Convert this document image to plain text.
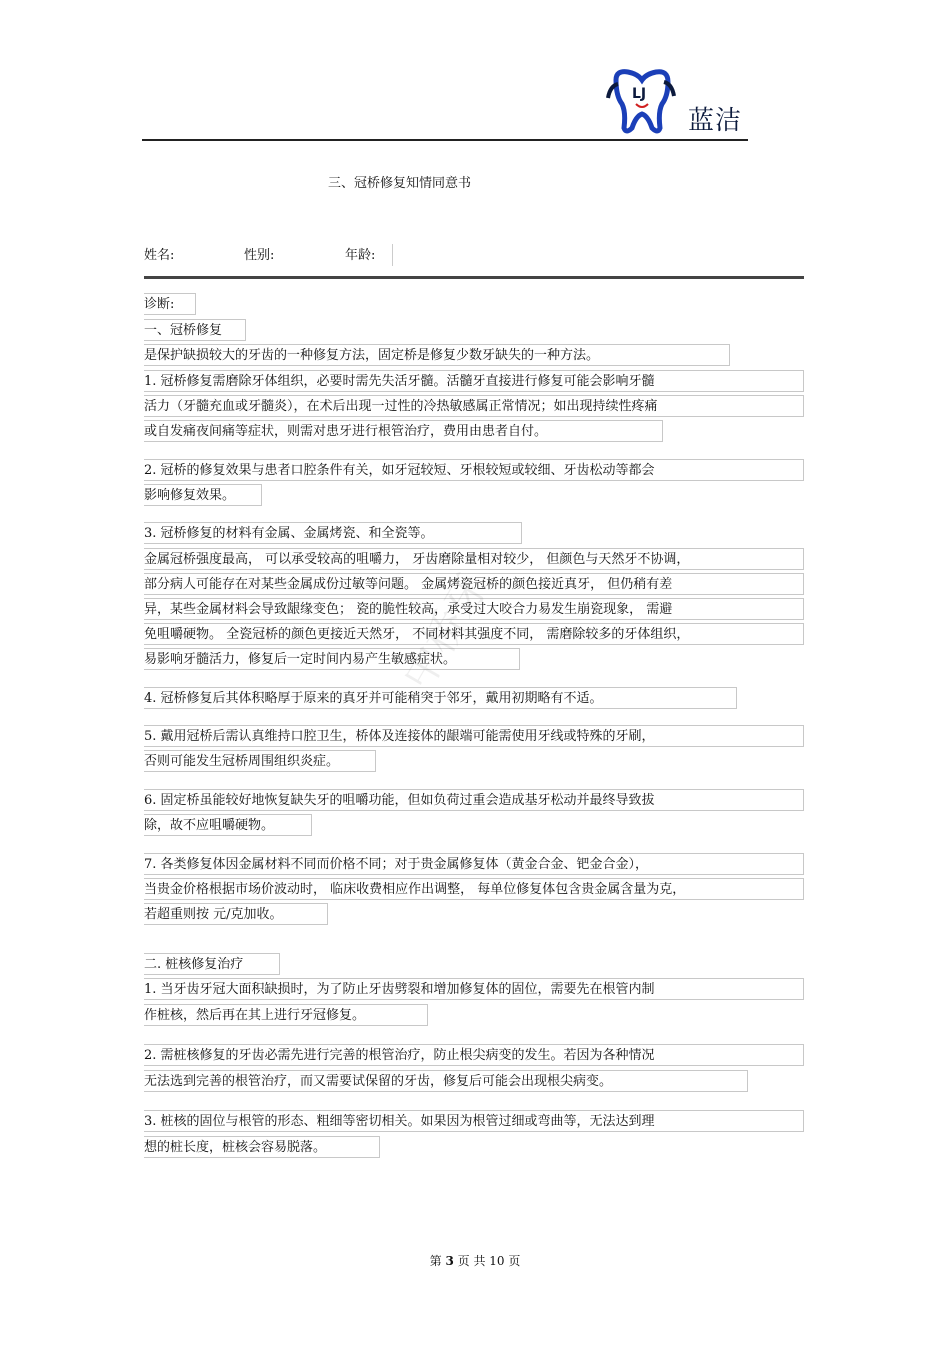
LJ
蓝洁
三、冠桥修复知情同意书
姓名:	性别:	年龄:
诊断:
一、冠桥修复
是保护缺损较大的牙齿的一种修复方法，固定桥是修复少数牙缺失的一种方法。
1. 冠桥修复需磨除牙体组织，必要时需先失活牙髓。活髓牙直接进行修复可能会影响牙髓
活力（牙髓充血或牙髓炎），在术后出现一过性的冷热敏感属正常情况；如出现持续性疼痛
或自发痛夜间痛等症状，则需对患牙进行根管治疗，费用由患者自付。
2. 冠桥的修复效果与患者口腔条件有关，如牙冠较短、牙根较短或较细、牙齿松动等都会
影响修复效果。
3. 冠桥修复的材料有金属、金属烤瓷、和全瓷等。
金属冠桥强度最高， 可以承受较高的咀嚼力， 牙齿磨除量相对较少， 但颜色与天然牙不协调，
部分病人可能存在对某些金属成份过敏等问题。 金属烤瓷冠桥的颜色接近真牙， 但仍稍有差
异，某些金属材料会导致龈缘变色； 瓷的脆性较高，承受过大咬合力易发生崩瓷现象， 需避
免咀嚼硬物。 全瓷冠桥的颜色更接近天然牙， 不同材料其强度不同， 需磨除较多的牙体组织，
易影响牙髓活力，修复后一定时间内易产生敏感症状。
4. 冠桥修复后其体积略厚于原来的真牙并可能稍突于邻牙，戴用初期略有不适。
5. 戴用冠桥后需认真维持口腔卫生，桥体及连接体的龈端可能需使用牙线或特殊的牙刷，
否则可能发生冠桥周围组织炎症。
6. 固定桥虽能较好地恢复缺失牙的咀嚼功能，但如负荷过重会造成基牙松动并最终导致拔
除，故不应咀嚼硬物。
7. 各类修复体因金属材料不同而价格不同；对于贵金属修复体（黄金合金、钯金合金），
当贵金价格根据市场价波动时， 临床收费相应作出调整， 每单位修复体包含贵金属含量为克，
若超重则按 元/克加收。
二. 桩核修复治疗
1. 当牙齿牙冠大面积缺损时，为了防止牙齿劈裂和增加修复体的固位，需要先在根管内制
作桩核，然后再在其上进行牙冠修复。
2. 需桩核修复的牙齿必需先进行完善的根管治疗，防止根尖病变的发生。若因为各种情况
无法选到完善的根管治疗，而又需要试保留的牙齿，修复后可能会出现根尖病变。
3. 桩核的固位与根管的形态、粗细等密切相关。如果因为根管过细或弯曲等，无法达到理
想的桩长度，桩核会容易脱落。
中桥牙
第 3 页 共 10 页
